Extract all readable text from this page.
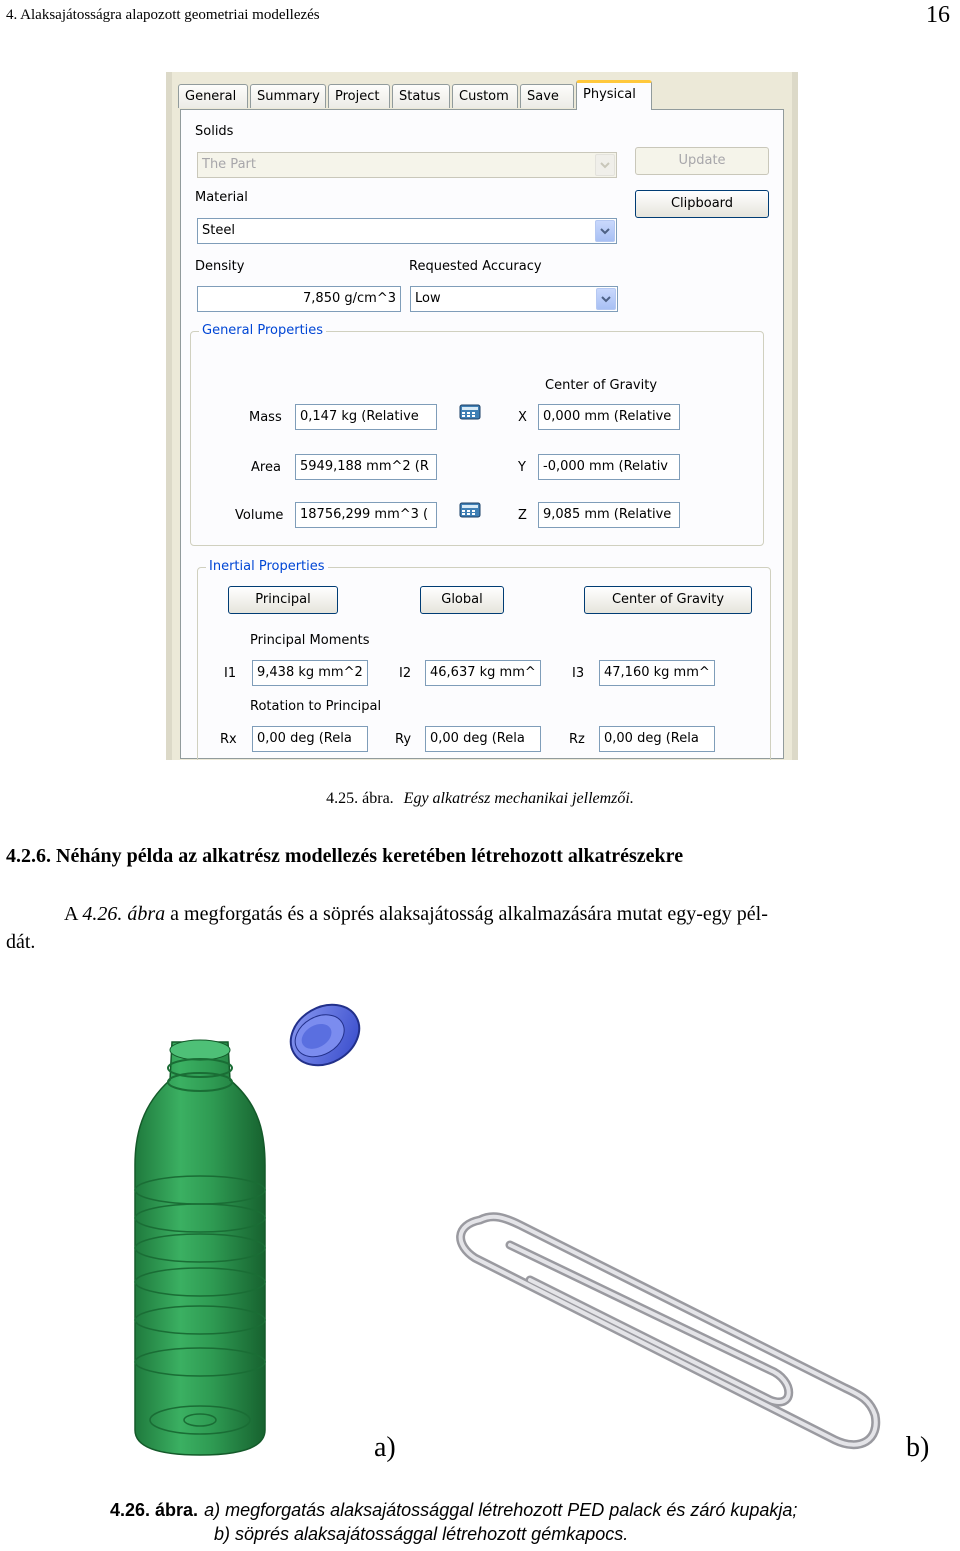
4. Alaksajátosságra alapozott geometriai modellezés	16
General	Summary	Project	Status	Custom	Save	Physical
Solids
The Part	Update
Clipboard
Material
Steel
Density	Requested Accuracy
7,850 g/cm^3	Low
General Properties
Center of Gravity
Mass	0,147 kg (Relative	X	0,000 mm (Relative
Area	5949,188 mm^2 (R	Y	-0,000 mm (Relativ
Volume	18756,299 mm^3 (	Z	9,085 mm (Relative
Inertial Properties
Principal	Global	Center of Gravity
Principal Moments
I1	9,438 kg mm^2	I2	46,637 kg mm^	I3	47,160 kg mm^
Rotation to Principal
Rx	0,00 deg (Rela	Ry	0,00 deg (Rela	Rz	0,00 deg (Rela
4.25. ábra. Egy alkatrész mechanikai jellemzői.
4.2.6. Néhány példa az alkatrész modellezés keretében létrehozott alkatrészekre
A 4.26. ábra a megforgatás és a söprés alaksajátosság alkalmazására mutat egy-egy pél-
dát.
a)	b)
4.26. ábra. a) megforgatás alaksajátossággal létrehozott PED palack és záró kupakja;
b) söprés alaksajátossággal létrehozott gémkapocs.
